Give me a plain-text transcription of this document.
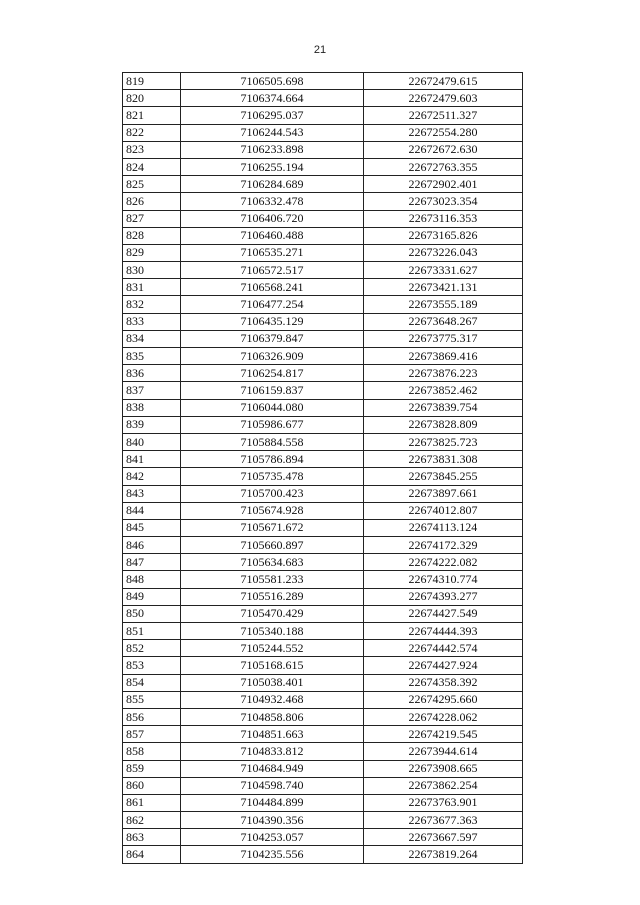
21
819	7106505.698	22672479.615
820	7106374.664	22672479.603
821	7106295.037	22672511.327
822	7106244.543	22672554.280
823	7106233.898	22672672.630
824	7106255.194	22672763.355
825	7106284.689	22672902.401
826	7106332.478	22673023.354
827	7106406.720	22673116.353
828	7106460.488	22673165.826
829	7106535.271	22673226.043
830	7106572.517	22673331.627
831	7106568.241	22673421.131
832	7106477.254	22673555.189
833	7106435.129	22673648.267
834	7106379.847	22673775.317
835	7106326.909	22673869.416
836	7106254.817	22673876.223
837	7106159.837	22673852.462
838	7106044.080	22673839.754
839	7105986.677	22673828.809
840	7105884.558	22673825.723
841	7105786.894	22673831.308
842	7105735.478	22673845.255
843	7105700.423	22673897.661
844	7105674.928	22674012.807
845	7105671.672	22674113.124
846	7105660.897	22674172.329
847	7105634.683	22674222.082
848	7105581.233	22674310.774
849	7105516.289	22674393.277
850	7105470.429	22674427.549
851	7105340.188	22674444.393
852	7105244.552	22674442.574
853	7105168.615	22674427.924
854	7105038.401	22674358.392
855	7104932.468	22674295.660
856	7104858.806	22674228.062
857	7104851.663	22674219.545
858	7104833.812	22673944.614
859	7104684.949	22673908.665
860	7104598.740	22673862.254
861	7104484.899	22673763.901
862	7104390.356	22673677.363
863	7104253.057	22673667.597
864	7104235.556	22673819.264
